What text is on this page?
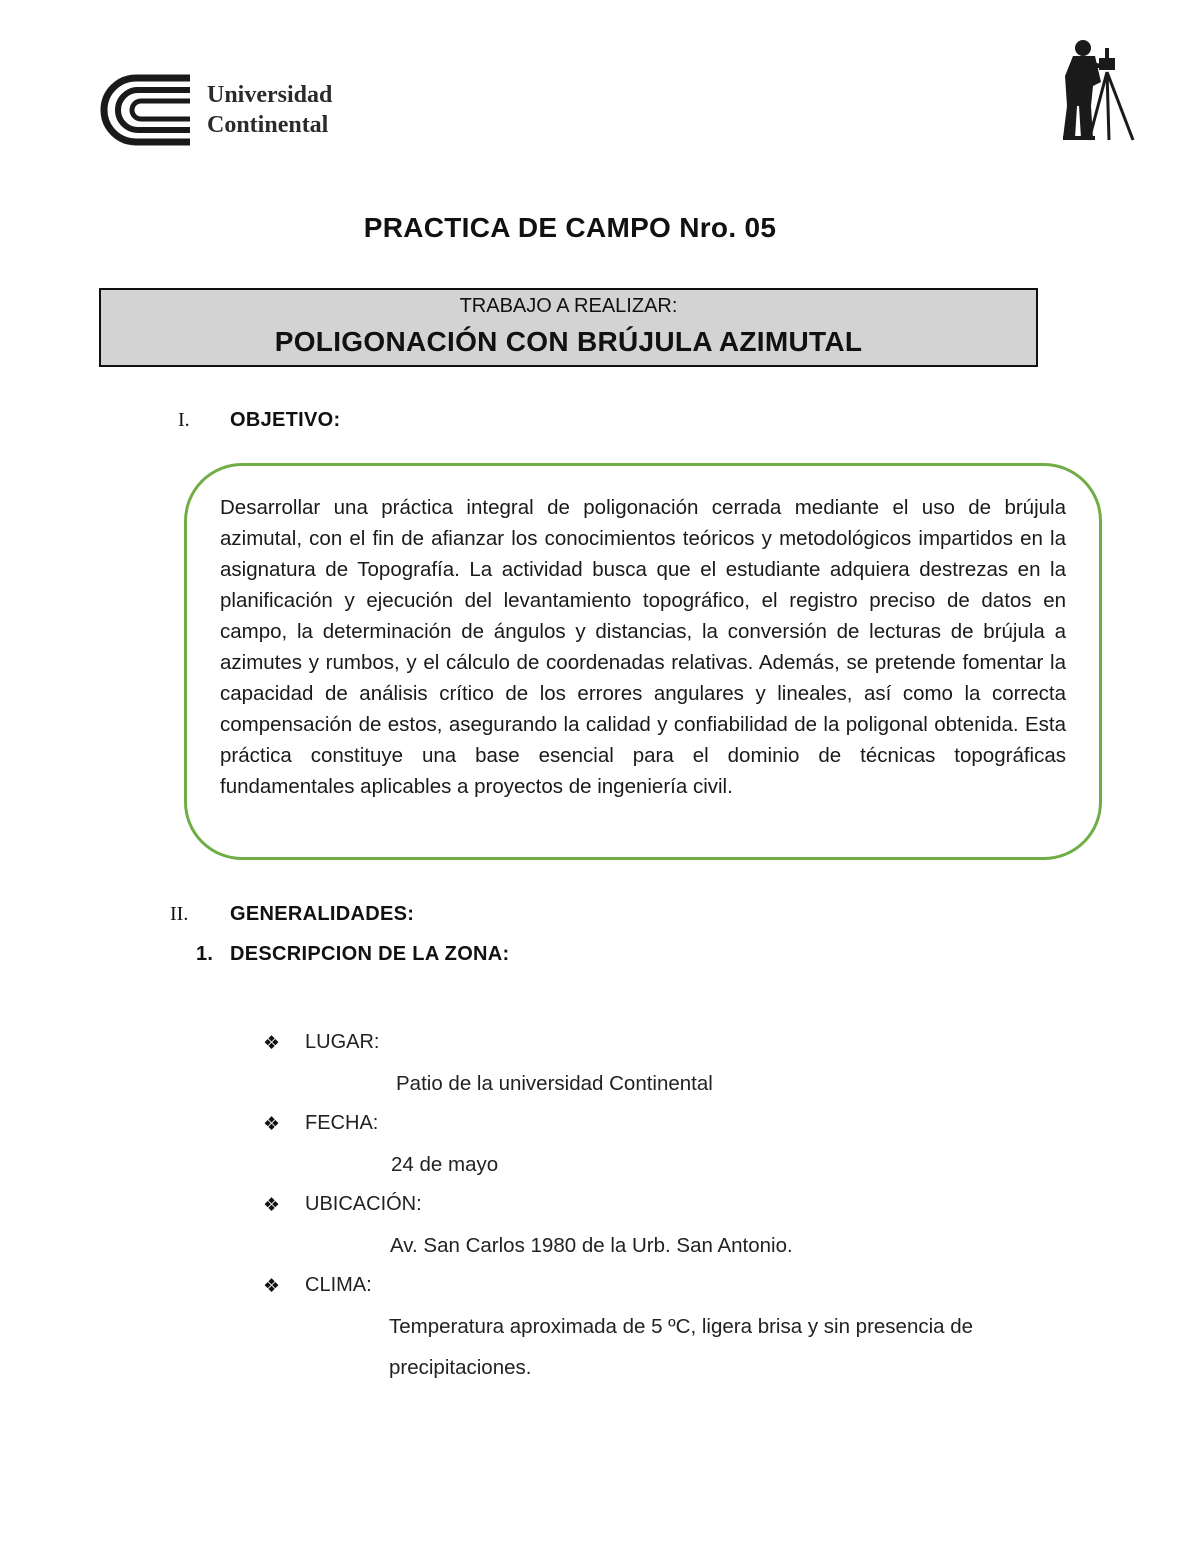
Universidad
Continental
PRACTICA DE CAMPO Nro. 05
TRABAJO A REALIZAR:
POLIGONACIÓN CON BRÚJULA AZIMUTAL
I. OBJETIVO:
Desarrollar una práctica integral de poligonación cerrada mediante el uso de brújula azimutal, con el fin de afianzar los conocimientos teóricos y metodológicos impartidos en la asignatura de Topografía. La actividad busca que el estudiante adquiera destrezas en la planificación y ejecución del levantamiento topográfico, el registro preciso de datos en campo, la determinación de ángulos y distancias, la conversión de lecturas de brújula a azimutes y rumbos, y el cálculo de coordenadas relativas. Además, se pretende fomentar la capacidad de análisis crítico de los errores angulares y lineales, así como la correcta compensación de estos, asegurando la calidad y confiabilidad de la poligonal obtenida. Esta práctica constituye una base esencial para el dominio de técnicas topográficas fundamentales aplicables a proyectos de ingeniería civil.
II. GENERALIDADES:
1. DESCRIPCION DE LA ZONA:
❖ LUGAR:
Patio de la universidad Continental
❖ FECHA:
24 de mayo
❖ UBICACIÓN:
Av. San Carlos 1980 de la Urb. San Antonio.
❖ CLIMA:
Temperatura aproximada de 5 ºC, ligera brisa y sin presencia de precipitaciones.
